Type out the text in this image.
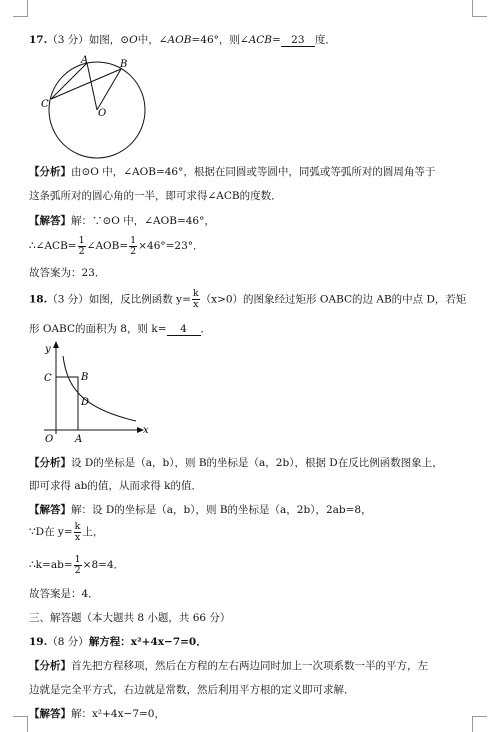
17.（3 分）如图，⊙O中，∠AOB=46°，则∠ACB= 23 度．
A	B
C
O
【分析】由⊙O 中，∠AOB=46°，根据在同圆或等圆中，同弧或等弧所对的圆周角等于
这条弧所对的圆心角的一半，即可求得∠ACB的度数．
【解答】解：∵⊙O 中，∠AOB=46°，
∴∠ACB= $\frac{1}{2}$ ∠AOB= $\frac{1}{2} \times 46^\circ=23^\circ$．
故答案为：23．
18.（3 分）如图，反比例函数 $y= \frac{k}{x} (x>0)$的图象经过矩形 OABC的边 AB的中点 D，若矩
形 OABC的面积为 8，则 k= 4 ．
y
x
C	B
D
O A
【分析】设 D的坐标是（a，b），则 B的坐标是（a，2b），根据 D在反比例函数图象上，
即可求得 ab的值，从而求得 k的值．
【解答】解：设 D的坐标是（a，b），则 B的坐标是（a，2b），2ab=8，
∵D在 $y= \frac{k}{x}$ 上，
∴k=ab= $\frac{1}{2} \times 8=4$．
故答案是：4．
三、解答题（本大题共 8 小题，共 66 分）
19.（8 分）解方程：x²+4x−7=0．
【分析】首先把方程移项，然后在方程的左右两边同时加上一次项系数一半的平方，左
边就是完全平方式，右边就是常数，然后利用平方根的定义即可求解．
【解答】解：x²+4x−7=0，
